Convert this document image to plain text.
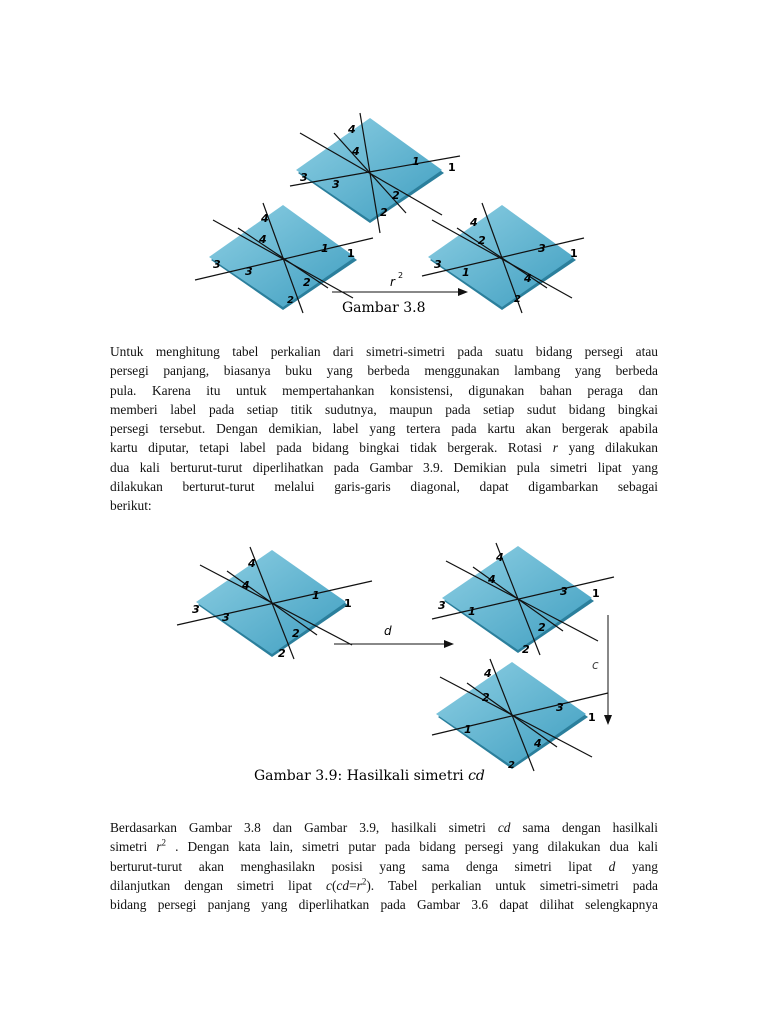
4
4
1	1
3
3
2
2
4
4
1 1
3
3
2
2
4
2
3 1
3
1	4
2
r 2
Gambar 3.8
Untuk menghitung tabel perkalian dari simetri-simetri pada suatu bidang persegi atau
persegi panjang, biasanya buku yang berbeda menggunakan lambang yang berbeda
pula. Karena itu untuk mempertahankan konsistensi, digunakan bahan peraga dan
memberi label pada setiap titik sudutnya, maupun pada setiap sudut bidang bingkai
persegi tersebut. Dengan demikian, label yang tertera pada kartu akan bergerak apabila
kartu diputar, tetapi label pada bidang bingkai tidak bergerak. Rotasi r yang dilakukan
dua kali berturut-turut diperlihatkan pada Gambar 3.9. Demikian pula simetri lipat yang
dilakukan berturut-turut melalui garis-garis diagonal, dapat digambarkan sebagai
berikut:
4
4
1
1
3
3
2
2
4
4
3 1
3 1
2
2
4
2
3
1
1
4
2
d
c
Gambar 3.9: Hasilkali simetri cd
Berdasarkan Gambar 3.8 dan Gambar 3.9, hasilkali simetri cd sama dengan hasilkali
simetri $r^2$ . Dengan kata lain, simetri putar pada bidang persegi yang dilakukan dua kali
berturut-turut akan menghasilakn posisi yang sama denga simetri lipat d yang
dilanjutkan dengan simetri lipat $c(cd=r^2)$. Tabel perkalian untuk simetri-simetri pada
bidang persegi panjang yang diperlihatkan pada Gambar 3.6 dapat dilihat selengkapnya
